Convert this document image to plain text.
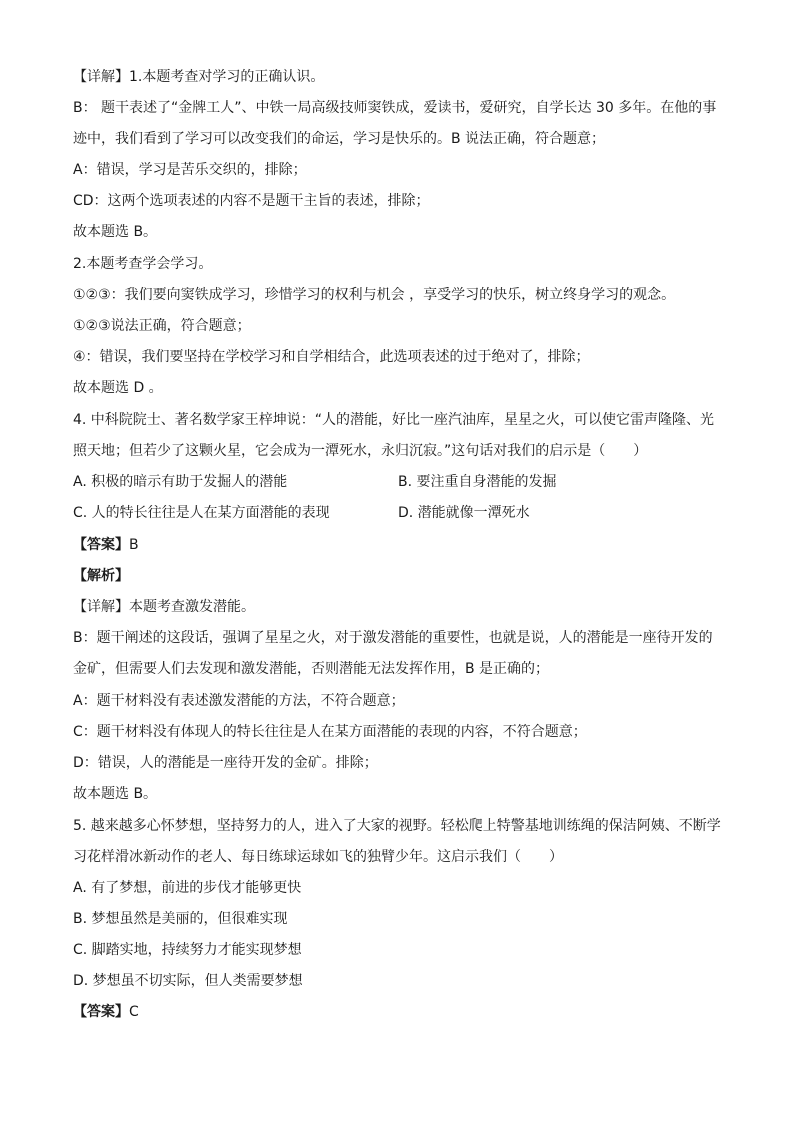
【详解】1.本题考查对学习的正确认识。
B： 题干表述了“金牌工人”、中铁一局高级技师窦铁成，爱读书，爱研究，自学长达 30 多年。在他的事
迹中，我们看到了学习可以改变我们的命运，学习是快乐的。B 说法正确，符合题意；
A：错误，学习是苦乐交织的，排除；
CD：这两个选项表述的内容不是题干主旨的表述，排除；
故本题选 B。
2.本题考查学会学习。
①②③：我们要向窦铁成学习，珍惜学习的权利与机会 ，享受学习的快乐，树立终身学习的观念。
①②③说法正确，符合题意；
④：错误，我们要坚持在学校学习和自学相结合，此选项表述的过于绝对了，排除；
故本题选 D 。
4. 中科院院士、著名数学家王梓坤说：“人的潜能，好比一座汽油库，星星之火，可以使它雷声隆隆、光
照天地；但若少了这颗火星，它会成为一潭死水，永归沉寂。”这句话对我们的启示是（　　）
A. 积极的暗示有助于发掘人的潜能	B. 要注重自身潜能的发掘
C. 人的特长往往是人在某方面潜能的表现	D. 潜能就像一潭死水
【答案】B
【解析】
【详解】本题考查激发潜能。
B：题干阐述的这段话，强调了星星之火，对于激发潜能的重要性，也就是说，人的潜能是一座待开发的
金矿，但需要人们去发现和激发潜能，否则潜能无法发挥作用，B 是正确的；
A：题干材料没有表述激发潜能的方法，不符合题意；
C：题干材料没有体现人的特长往往是人在某方面潜能的表现的内容，不符合题意；
D：错误，人的潜能是一座待开发的金矿。排除；
故本题选 B。
5. 越来越多心怀梦想，坚持努力的人，进入了大家的视野。轻松爬上特警基地训练绳的保洁阿姨、不断学
习花样滑冰新动作的老人、每日练球运球如飞的独臂少年。这启示我们（　　）
A. 有了梦想，前进的步伐才能够更快
B. 梦想虽然是美丽的，但很难实现
C. 脚踏实地，持续努力才能实现梦想
D. 梦想虽不切实际，但人类需要梦想
【答案】C
